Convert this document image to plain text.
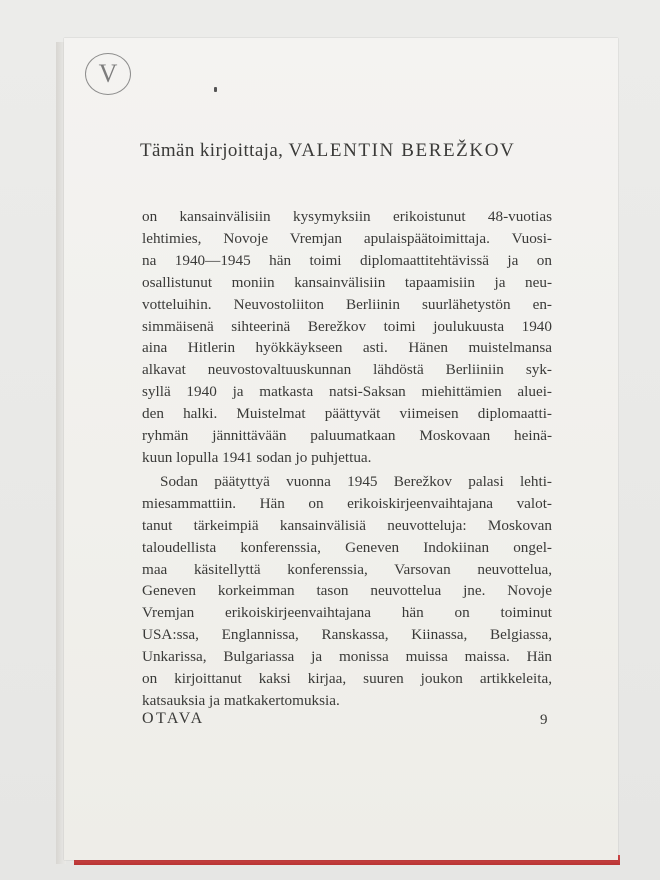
V
Tämän kirjoittaja, VALENTIN BEREŽKOV
on kansainvälisiin kysymyksiin erikoistunut 48-vuotias
lehtimies, Novoje Vremjan apulaispäätoimittaja. Vuosi-
na 1940—1945 hän toimi diplomaattitehtävissä ja on
osallistunut moniin kansainvälisiin tapaamisiin ja neu-
votteluihin. Neuvostoliiton Berliinin suurlähetystön en-
simmäisenä sihteerinä Berežkov toimi joulukuusta 1940
aina Hitlerin hyökkäykseen asti. Hänen muistelmansa
alkavat neuvostovaltuuskunnan lähdöstä Berliiniin syk-
syllä 1940 ja matkasta natsi-Saksan miehittämien aluei-
den halki. Muistelmat päättyvät viimeisen diplomaatti-
ryhmän jännittävään paluumatkaan Moskovaan heinä-
kuun lopulla 1941 sodan jo puhjettua.
Sodan päätyttyä vuonna 1945 Berežkov palasi lehti-
miesammattiin. Hän on erikoiskirjeenvaihtajana valot-
tanut tärkeimpiä kansainvälisiä neuvotteluja: Moskovan
taloudellista konferenssia, Geneven Indokiinan ongel-
maa käsitellyttä konferenssia, Varsovan neuvottelua,
Geneven korkeimman tason neuvottelua jne. Novoje
Vremjan erikoiskirjeenvaihtajana hän on toiminut
USA:ssa, Englannissa, Ranskassa, Kiinassa, Belgiassa,
Unkarissa, Bulgariassa ja monissa muissa maissa. Hän
on kirjoittanut kaksi kirjaa, suuren joukon artikkeleita,
katsauksia ja matkakertomuksia.
OTAVA	9
